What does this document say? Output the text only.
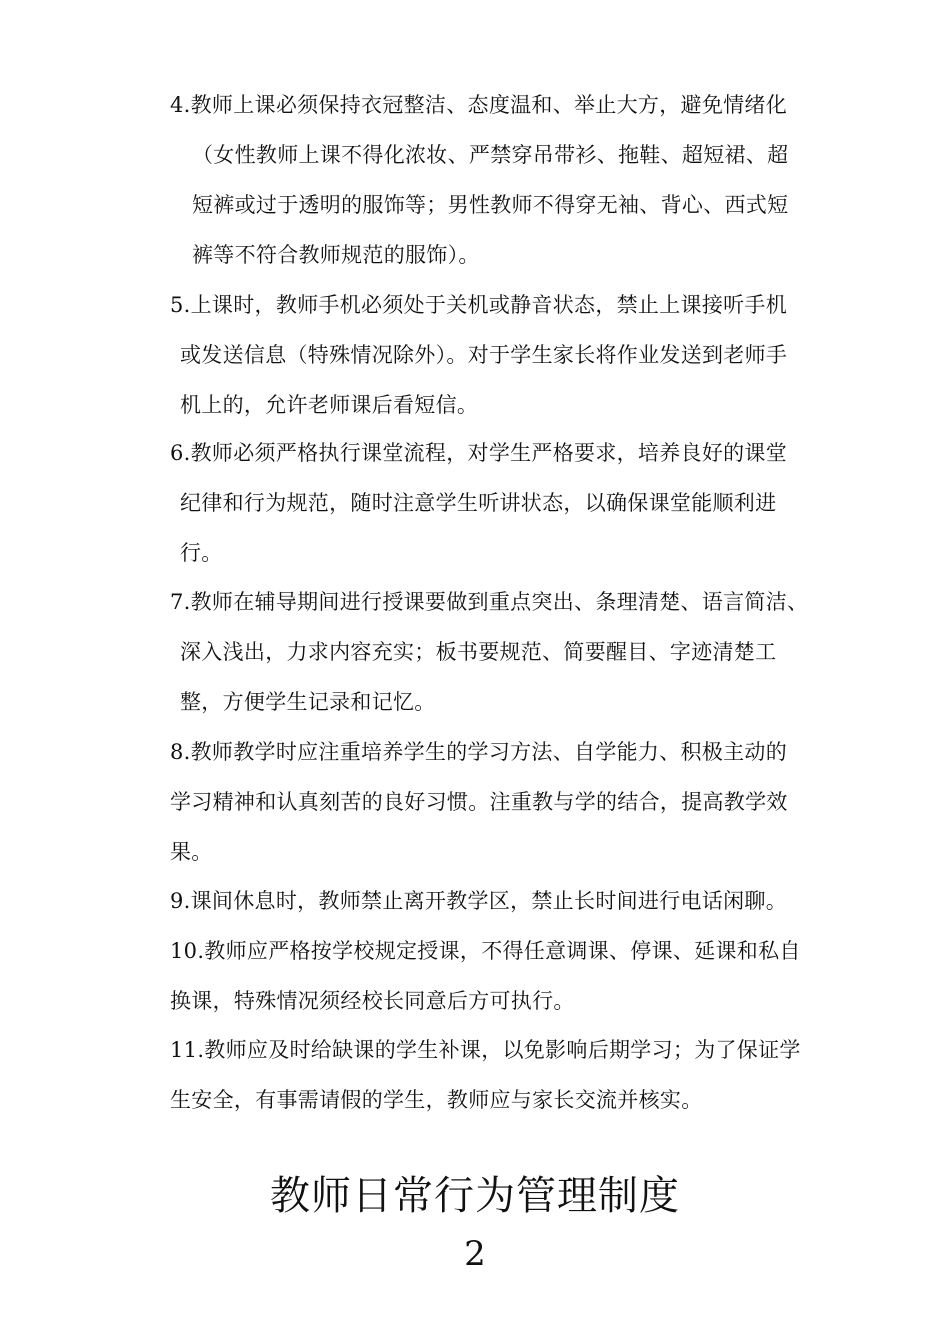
4.教师上课必须保持衣冠整洁、态度温和、举止大方，避免情绪化
（女性教师上课不得化浓妆、严禁穿吊带衫、拖鞋、超短裙、超
短裤或过于透明的服饰等；男性教师不得穿无袖、背心、西式短
裤等不符合教师规范的服饰）。
5.上课时，教师手机必须处于关机或静音状态，禁止上课接听手机
或发送信息（特殊情况除外）。对于学生家长将作业发送到老师手
机上的，允许老师课后看短信。
6.教师必须严格执行课堂流程，对学生严格要求，培养良好的课堂
纪律和行为规范，随时注意学生听讲状态，以确保课堂能顺利进
行。
7.教师在辅导期间进行授课要做到重点突出、条理清楚、语言简洁、
深入浅出，力求内容充实；板书要规范、简要醒目、字迹清楚工
整，方便学生记录和记忆。
8.教师教学时应注重培养学生的学习方法、自学能力、积极主动的
学习精神和认真刻苦的良好习惯。注重教与学的结合，提高教学效
果。
9.课间休息时，教师禁止离开教学区，禁止长时间进行电话闲聊。
10.教师应严格按学校规定授课，不得任意调课、停课、延课和私自
换课，特殊情况须经校长同意后方可执行。
11.教师应及时给缺课的学生补课，以免影响后期学习；为了保证学
生安全，有事需请假的学生，教师应与家长交流并核实。
教师日常行为管理制度
2
